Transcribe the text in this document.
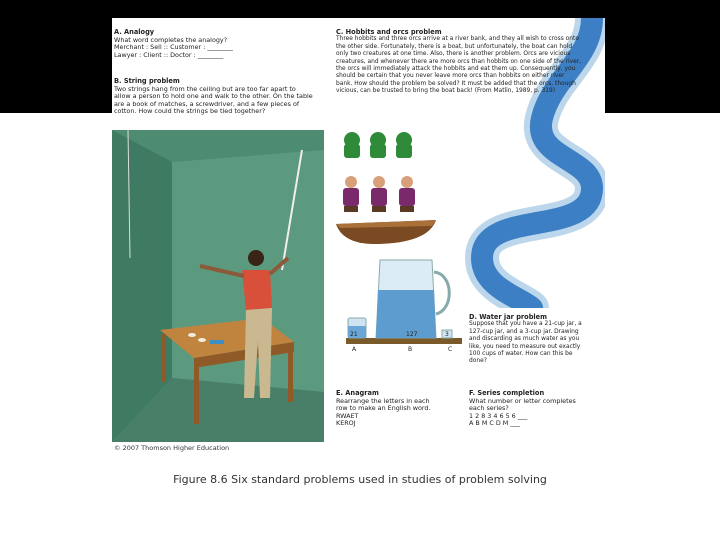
21	127	3
A	B	C
A. Analogy
What word completes the analogy?
Merchant : Sell :: Customer : ________
Lawyer : Client :: Doctor : ________
B. String problem
Two strings hang from the ceiling but are too far apart to
allow a person to hold one and walk to the other. On the table
are a book of matches, a screwdriver, and a few pieces of
cotton. How could the strings be tied together?
C. Hobbits and orcs problem
Three hobbits and three orcs arrive at a river bank, and they all wish to cross onto
the other side. Fortunately, there is a boat, but unfortunately, the boat can hold
only two creatures at one time. Also, there is another problem. Orcs are vicious
creatures, and whenever there are more orcs than hobbits on one side of the river,
the orcs will immediately attack the hobbits and eat them up. Consequently, you
should be certain that you never leave more orcs than hobbits on either river
bank. How should the problem be solved? It must be added that the orcs, though
vicious, can be trusted to bring the boat back! (From Matlin, 1989, p. 319)
D. Water jar problem
Suppose that you have a 21-cup jar, a
127-cup jar, and a 3-cup jar. Drawing
and discarding as much water as you
like, you need to measure out exactly
100 cups of water. How can this be
done?
E. Anagram
Rearrange the letters in each
row to make an English word.
RWAET
KEROJ
F. Series completion
What number or letter completes
each series?
1 2 8 3 4 6 5 6 ___
A B M C D M ___
© 2007 Thomson Higher Education
Figure 8.6 Six standard problems used in studies of problem solving
